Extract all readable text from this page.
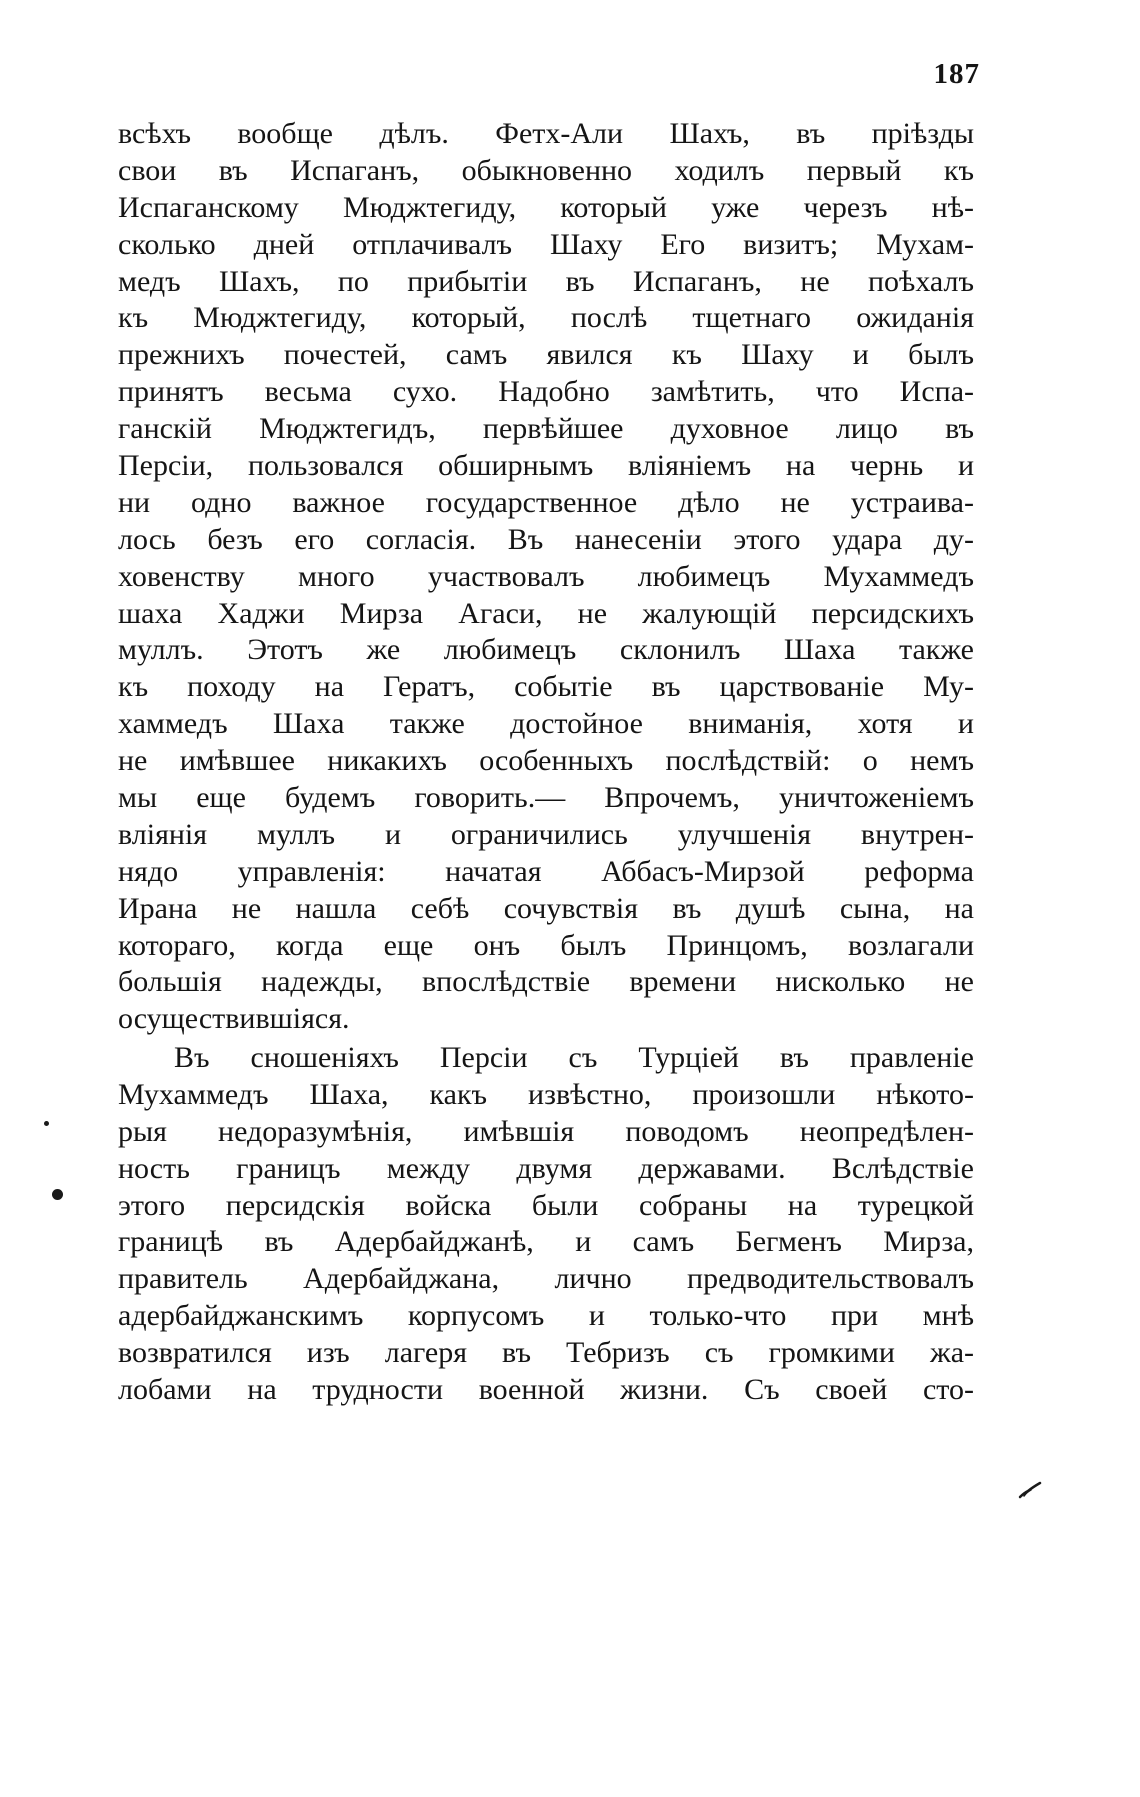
187
всѣхъ вообще дѣлъ. Фетх-Али Шахъ, въ пріѣзды
свои въ Испаганъ, обыкновенно ходилъ первый къ
Испаганскому Мюджтегиду, который уже черезъ нѣ-
сколько дней отплачивалъ Шаху Его визитъ; Мухам-
медъ Шахъ, по прибытіи въ Испаганъ, не поѣхалъ
къ Мюджтегиду, который, послѣ тщетнаго ожиданія
прежнихъ почестей, самъ явился къ Шаху и былъ
принятъ весьма сухо. Надобно замѣтить, что Испа-
ганскій Мюджтегидъ, первѣйшее духовное лицо въ
Персіи, пользовался обширнымъ вліяніемъ на чернь и
ни одно важное государственное дѣло не устраива-
лось безъ его согласія. Въ нанесеніи этого удара ду-
ховенству много участвовалъ любимецъ Мухаммедъ
шаха Хаджи Мирза Агаси, не жалующій персидскихъ
муллъ. Этотъ же любимецъ склонилъ Шаха также
къ походу на Гератъ, событіе въ царствованіе Му-
хаммедъ Шаха также достойное вниманія, хотя и
не имѣвшее никакихъ особенныхъ послѣдствій: о немъ
мы еще будемъ говорить.— Впрочемъ, уничтоженіемъ
вліянія муллъ и ограничились улучшенія внутрен-
нядо управленія: начатая Аббасъ-Мирзой реформа
Ирана не нашла себѣ сочувствія въ душѣ сына, на
котораго, когда еще онъ былъ Принцомъ, возлагали
большія надежды, впослѣдствіе времени нисколько не
осуществившіяся.
Въ сношеніяхъ Персіи съ Турціей въ правленіе
Мухаммедъ Шаха, какъ извѣстно, произошли нѣкото-
рыя недоразумѣнія, имѣвшія поводомъ неопредѣлен-
ность границъ между двумя державами. Вслѣдствіе
этого персидскія войска были собраны на турецкой
границѣ въ Адербайджанѣ, и самъ Бегменъ Мирза,
правитель Адербайджана, лично предводительствовалъ
адербайджанскимъ корпусомъ и только-что при мнѣ
возвратился изъ лагеря въ Тебризъ съ громкими жа-
лобами на трудности военной жизни. Съ своей сто-
